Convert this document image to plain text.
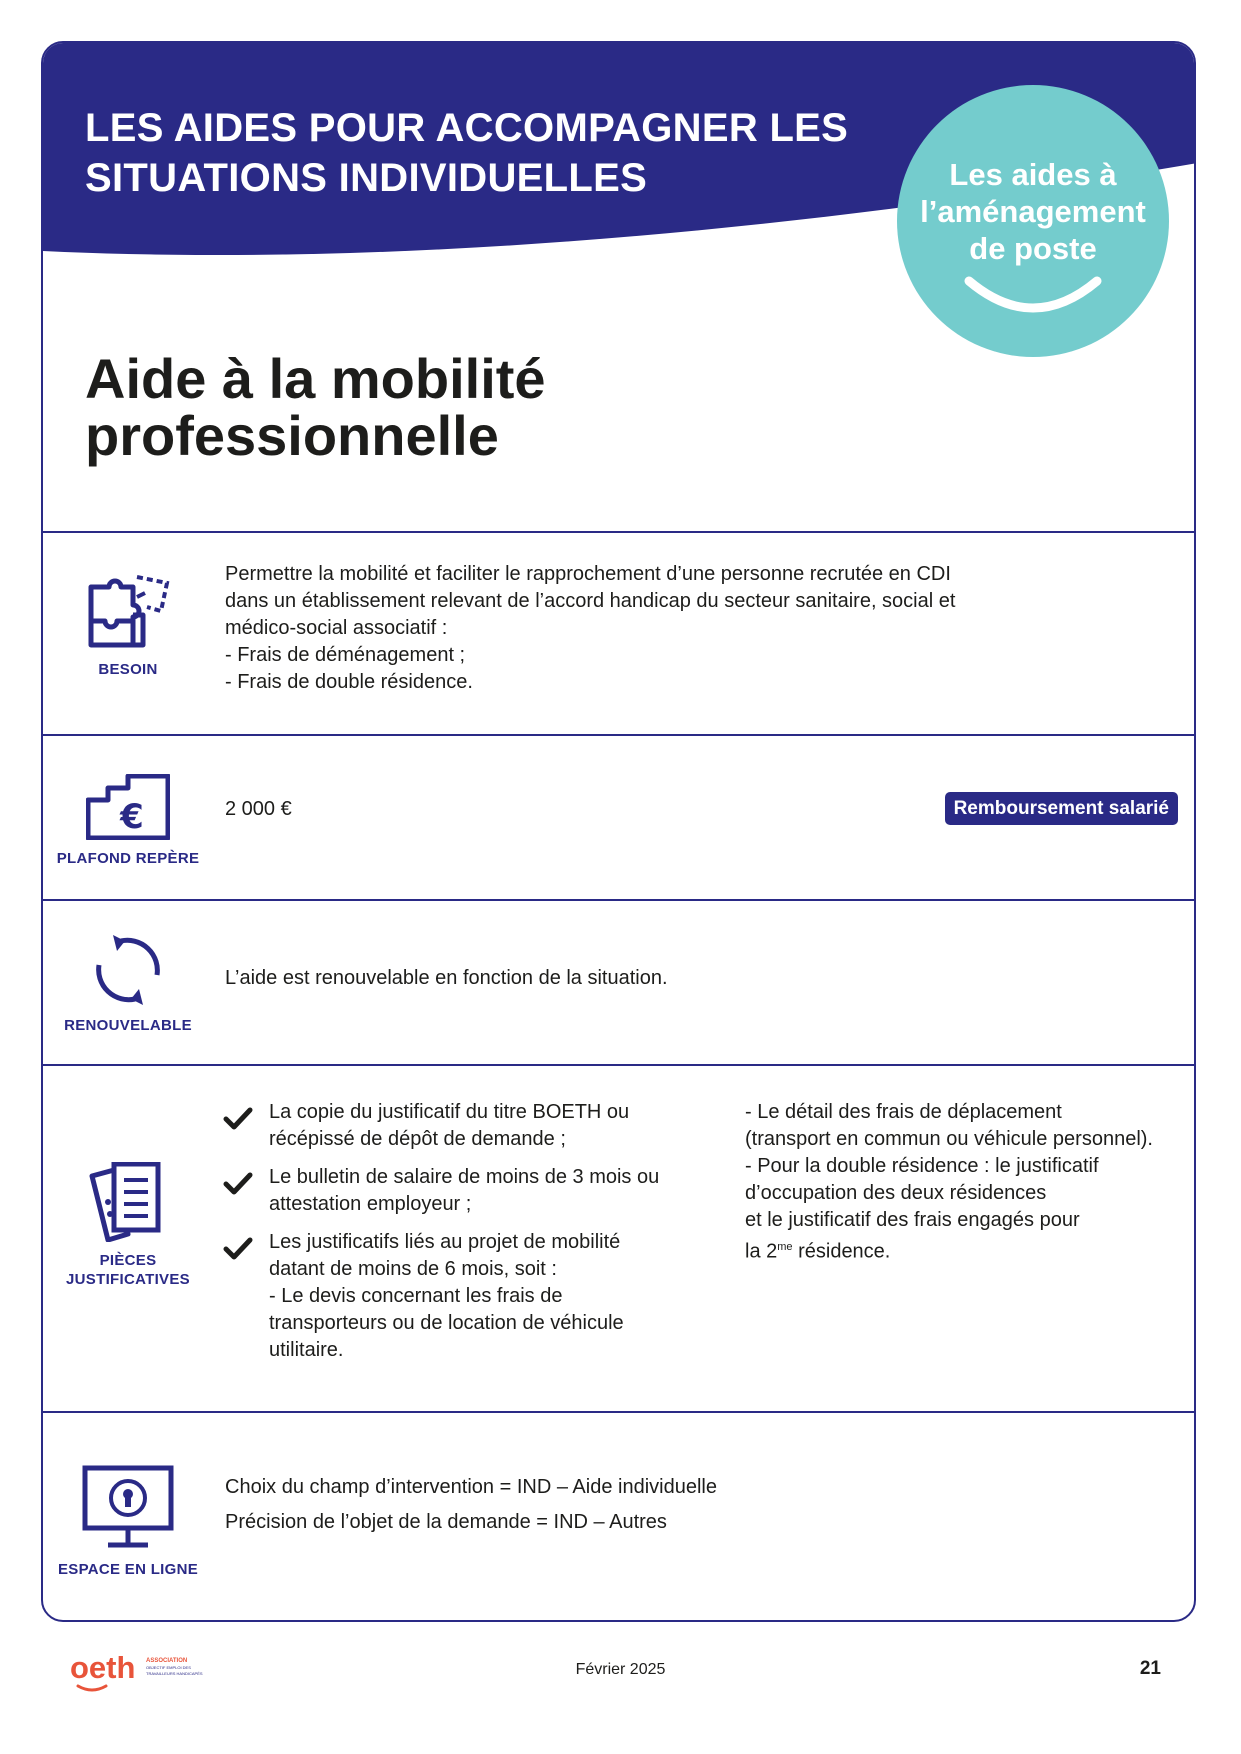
LES AIDES POUR ACCOMPAGNER LES
SITUATIONS INDIVIDUELLES	Les aides à
l’aménagement
de poste
Aide à la mobilité
professionnelle
BESOIN
Permettre la mobilité et faciliter le rapprochement d’une personne recrutée en CDI
dans un établissement relevant de l’accord handicap du secteur sanitaire, social et
médico-social associatif :
- Frais de déménagement ;
- Frais de double résidence.
€
PLAFOND REPÈRE
2 000 €	Remboursement salarié
RENOUVELABLE
L’aide est renouvelable en fonction de la situation.
PIÈCES
JUSTIFICATIVES
La copie du justificatif du titre BOETH ou
récépissé de dépôt de demande ;
Le bulletin de salaire de moins de 3 mois ou
attestation employeur ;
Les justificatifs liés au projet de mobilité
datant de moins de 6 mois, soit :
- Le devis concernant les frais de
transporteurs ou de location de véhicule
utilitaire.
- Le détail des frais de déplacement
(transport en commun ou véhicule personnel).
- Pour la double résidence : le justificatif
d’occupation des deux résidences
et le justificatif des frais engagés pour
la $2^{me}$ résidence.
ESPACE EN LIGNE
Choix du champ d’intervention = IND – Aide individuelle
Précision de l’objet de la demande = IND – Autres
oeth ASSOCIATION
OBJECTIF EMPLOI DES
TRAVAILLEURS HANDICAPÉS	Février 2025	21
